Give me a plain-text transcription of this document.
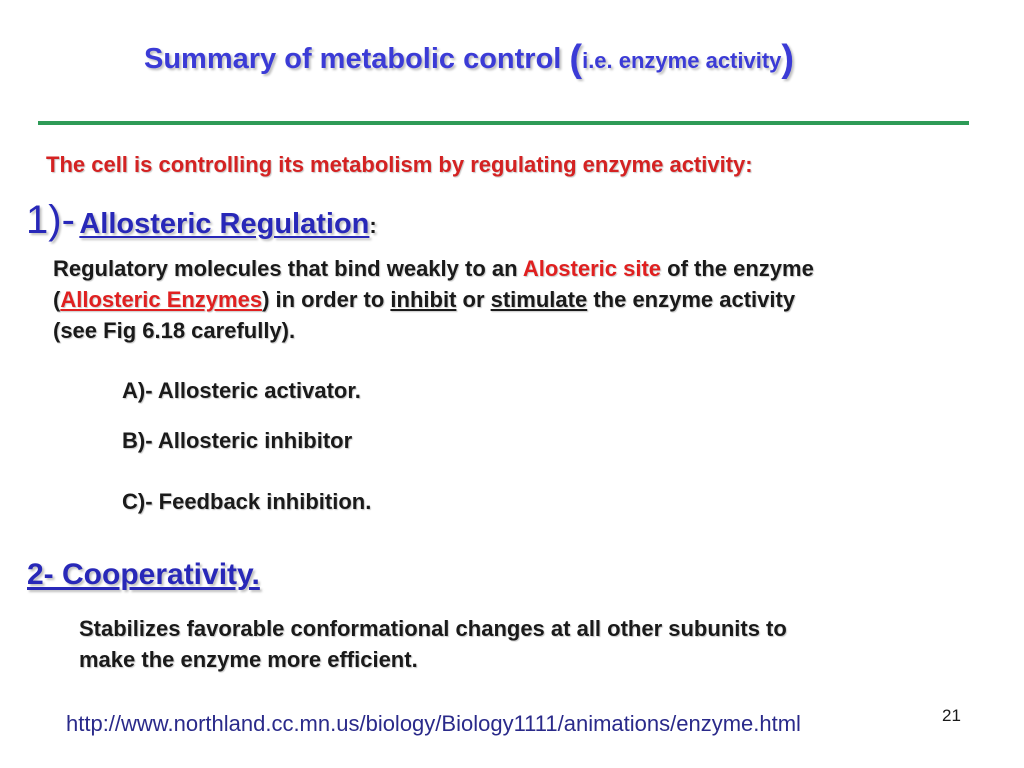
Summary of metabolic control (i.e. enzyme activity)
The cell is controlling its metabolism by regulating enzyme activity:
1)- Allosteric Regulation:
Regulatory molecules that bind weakly to an Alosteric site of the enzyme
(Allosteric Enzymes) in order to inhibit or stimulate the enzyme activity
(see Fig 6.18 carefully).
A)- Allosteric activator.
B)- Allosteric inhibitor
C)- Feedback inhibition.
2- Cooperativity.
Stabilizes favorable conformational changes at all other subunits to
make the enzyme more efficient.
http://www.northland.cc.mn.us/biology/Biology1111/animations/enzyme.html	21
